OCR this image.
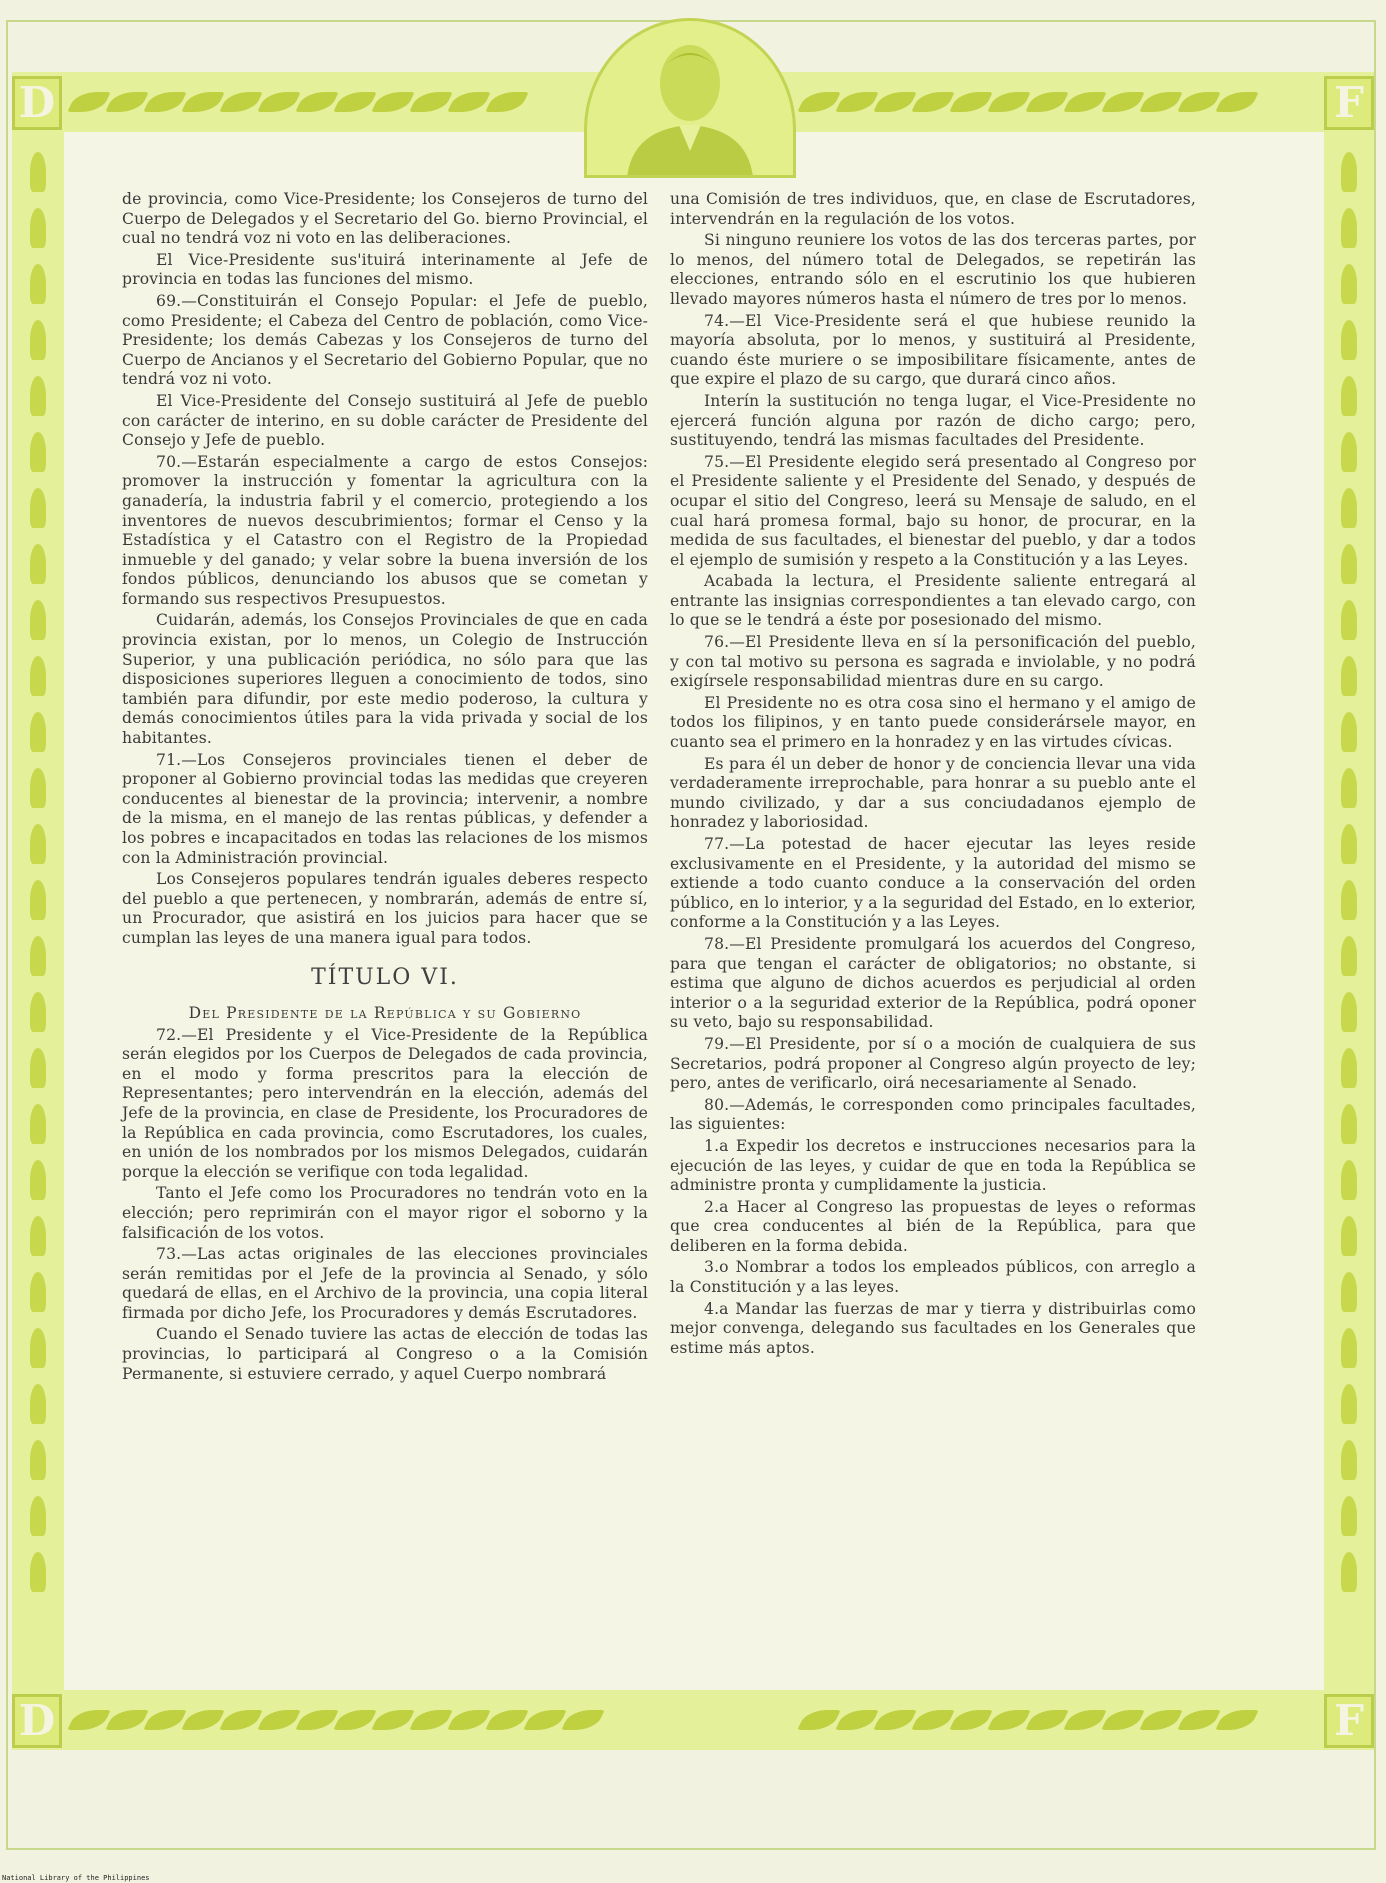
D	F
D	F

de provincia, como Vice-Presidente; los Consejeros de turno del Cuerpo de Delegados y el Secretario del Go. bierno Provincial, el cual no tendrá voz ni voto en las deliberaciones.

El Vice-Presidente sus'ituirá interinamente al Jefe de provincia en todas las funciones del mismo.

69.—Constituirán el Consejo Popular: el Jefe de pueblo, como Presidente; el Cabeza del Centro de población, como Vice-Presidente; los demás Cabezas y los Consejeros de turno del Cuerpo de Ancianos y el Secretario del Gobierno Popular, que no tendrá voz ni voto.

El Vice-Presidente del Consejo sustituirá al Jefe de pueblo con carácter de interino, en su doble carácter de Presidente del Consejo y Jefe de pueblo.

70.—Estarán especialmente a cargo de estos Consejos: promover la instrucción y fomentar la agricultura con la ganadería, la industria fabril y el comercio, protegiendo a los inventores de nuevos descubrimientos; formar el Censo y la Estadística y el Catastro con el Registro de la Propiedad inmueble y del ganado; y velar sobre la buena inversión de los fondos públicos, denunciando los abusos que se cometan y formando sus respectivos Presupuestos.

Cuidarán, además, los Consejos Provinciales de que en cada provincia existan, por lo menos, un Colegio de Instrucción Superior, y una publicación periódica, no sólo para que las disposiciones superiores lleguen a conocimiento de todos, sino también para difundir, por este medio poderoso, la cultura y demás conocimientos útiles para la vida privada y social de los habitantes.

71.—Los Consejeros provinciales tienen el deber de proponer al Gobierno provincial todas las medidas que creyeren conducentes al bienestar de la provincia; intervenir, a nombre de la misma, en el manejo de las rentas públicas, y defender a los pobres e incapacitados en todas las relaciones de los mismos con la Administración provincial.

Los Consejeros populares tendrán iguales deberes respecto del pueblo a que pertenecen, y nombrarán, además de entre sí, un Procurador, que asistirá en los juicios para hacer que se cumplan las leyes de una manera igual para todos.

TÍTULO VI.
Del Presidente de la República y su Gobierno

72.—El Presidente y el Vice-Presidente de la República serán elegidos por los Cuerpos de Delegados de cada provincia, en el modo y forma prescritos para la elección de Representantes; pero intervendrán en la elección, además del Jefe de la provincia, en clase de Presidente, los Procuradores de la República en cada provincia, como Escrutadores, los cuales, en unión de los nombrados por los mismos Delegados, cuidarán porque la elección se verifique con toda legalidad.

Tanto el Jefe como los Procuradores no tendrán voto en la elección; pero reprimirán con el mayor rigor el soborno y la falsificación de los votos.

73.—Las actas originales de las elecciones provinciales serán remitidas por el Jefe de la provincia al Senado, y sólo quedará de ellas, en el Archivo de la provincia, una copia literal firmada por dicho Jefe, los Procuradores y demás Escrutadores.

Cuando el Senado tuviere las actas de elección de todas las provincias, lo participará al Congreso o a la Comisión Permanente, si estuviere cerrado, y aquel Cuerpo nombrará

una Comisión de tres individuos, que, en clase de Escrutadores, intervendrán en la regulación de los votos.

Si ninguno reuniere los votos de las dos terceras partes, por lo menos, del número total de Delegados, se repetirán las elecciones, entrando sólo en el escrutinio los que hubieren llevado mayores números hasta el número de tres por lo menos.

74.—El Vice-Presidente será el que hubiese reunido la mayoría absoluta, por lo menos, y sustituirá al Presidente, cuando éste muriere o se imposibilitare físicamente, antes de que expire el plazo de su cargo, que durará cinco años.

Interín la sustitución no tenga lugar, el Vice-Presidente no ejercerá función alguna por razón de dicho cargo; pero, sustituyendo, tendrá las mismas facultades del Presidente.

75.—El Presidente elegido será presentado al Congreso por el Presidente saliente y el Presidente del Senado, y después de ocupar el sitio del Congreso, leerá su Mensaje de saludo, en el cual hará promesa formal, bajo su honor, de procurar, en la medida de sus facultades, el bienestar del pueblo, y dar a todos el ejemplo de sumisión y respeto a la Constitución y a las Leyes.

Acabada la lectura, el Presidente saliente entregará al entrante las insignias correspondientes a tan elevado cargo, con lo que se le tendrá a éste por posesionado del mismo.

76.—El Presidente lleva en sí la personificación del pueblo, y con tal motivo su persona es sagrada e inviolable, y no podrá exigírsele responsabilidad mientras dure en su cargo.

El Presidente no es otra cosa sino el hermano y el amigo de todos los filipinos, y en tanto puede considerársele mayor, en cuanto sea el primero en la honradez y en las virtudes cívicas.

Es para él un deber de honor y de conciencia llevar una vida verdaderamente irreprochable, para honrar a su pueblo ante el mundo civilizado, y dar a sus conciudadanos ejemplo de honradez y laboriosidad.

77.—La potestad de hacer ejecutar las leyes reside exclusivamente en el Presidente, y la autoridad del mismo se extiende a todo cuanto conduce a la conservación del orden público, en lo interior, y a la seguridad del Estado, en lo exterior, conforme a la Constitución y a las Leyes.

78.—El Presidente promulgará los acuerdos del Congreso, para que tengan el carácter de obligatorios; no obstante, si estima que alguno de dichos acuerdos es perjudicial al orden interior o a la seguridad exterior de la República, podrá oponer su veto, bajo su responsabilidad.

79.—El Presidente, por sí o a moción de cualquiera de sus Secretarios, podrá proponer al Congreso algún proyecto de ley; pero, antes de verificarlo, oirá necesariamente al Senado.

80.—Además, le corresponden como principales facultades, las siguientes:

1.a Expedir los decretos e instrucciones necesarios para la ejecución de las leyes, y cuidar de que en toda la República se administre pronta y cumplidamente la justicia.

2.a Hacer al Congreso las propuestas de leyes o reformas que crea conducentes al bién de la República, para que deliberen en la forma debida.

3.o Nombrar a todos los empleados públicos, con arreglo a la Constitución y a las leyes.

4.a Mandar las fuerzas de mar y tierra y distribuirlas como mejor convenga, delegando sus facultades en los Generales que estime más aptos.

National Library of the Philippines
